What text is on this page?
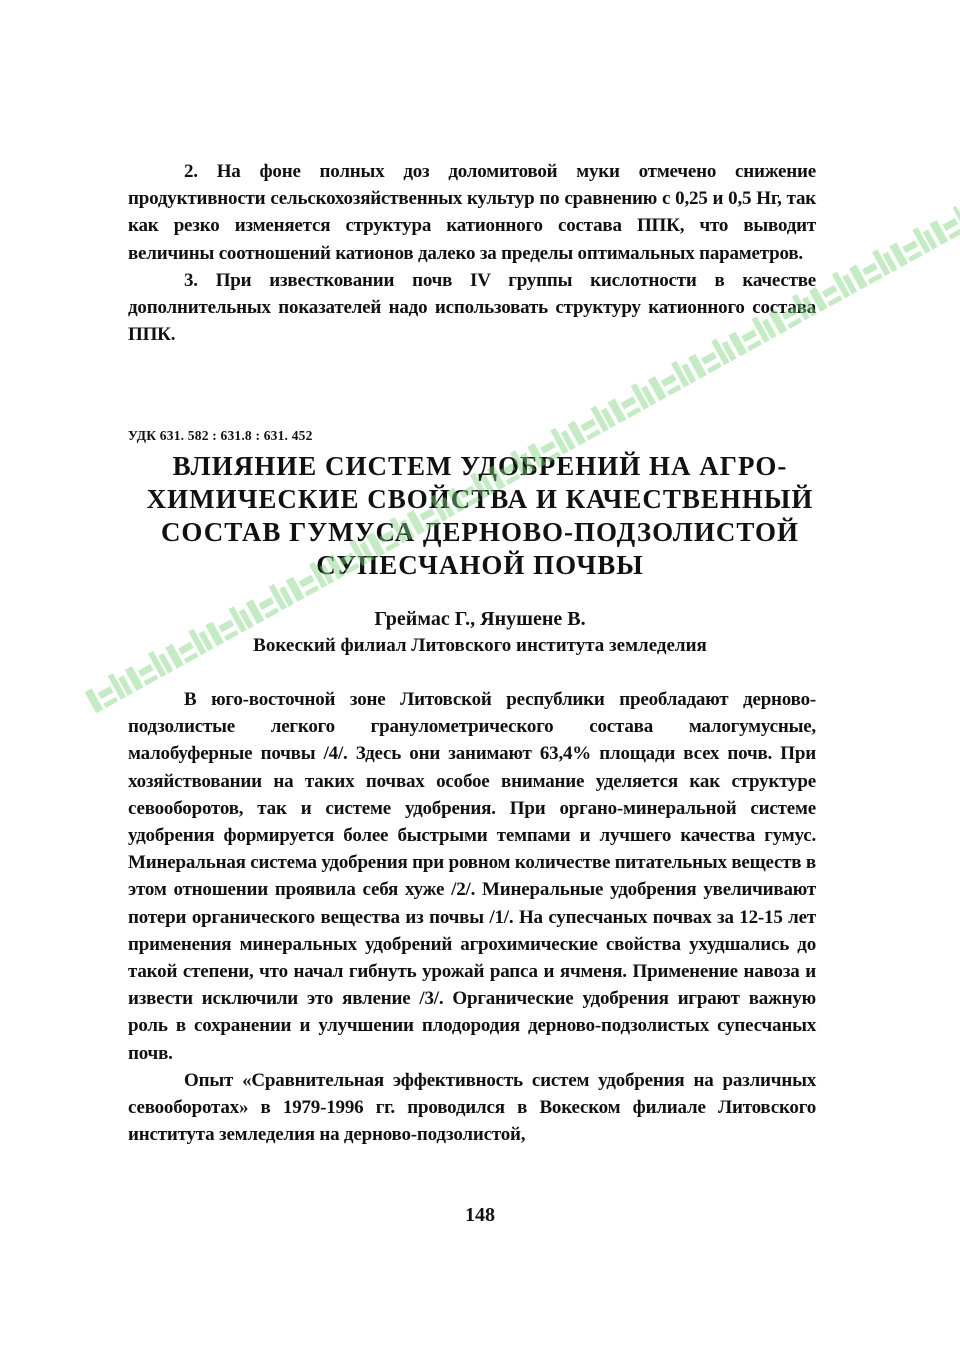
2. На фоне полных доз доломитовой муки отмечено снижение продуктивности сельскохозяйственных культур по сравнению с 0,25 и 0,5 Нг, так как резко изменяется структура катионного состава ППК, что выводит величины соотношений катионов далеко за пределы оптимальных параметров.

3. При известковании почв IV группы кислотности в качестве дополнительных показателей надо использовать структуру катионного состава ППК.

УДК 631. 582 : 631.8 : 631. 452
ВЛИЯНИЕ СИСТЕМ УДОБРЕНИЙ НА АГРО-
ХИМИЧЕСКИЕ СВОЙСТВА И КАЧЕСТВЕННЫЙ
СОСТАВ ГУМУСА ДЕРНОВО-ПОДЗОЛИСТОЙ
СУПЕСЧАНОЙ ПОЧВЫ
Греймас Г., Янушене В.
Вокеский филиал Литовского института земледелия

В юго-восточной зоне Литовской республики преобладают дерново-подзолистые легкого гранулометрического состава малогумусные, малобуферные почвы /4/. Здесь они занимают 63,4% площади всех почв. При хозяйствовании на таких почвах особое внимание уделяется как структуре севооборотов, так и системе удобрения. При органо-минеральной системе удобрения формируется более быстрыми темпами и лучшего качества гумус. Минеральная система удобрения при ровном количестве питательных веществ в этом отношении проявила себя хуже /2/. Минеральные удобрения увеличивают потери органического вещества из почвы /1/. На супесчаных почвах за 12-15 лет применения минеральных удобрений агрохимические свойства ухудшались до такой степени, что начал гибнуть урожай рапса и ячменя. Применение навоза и извести исключили это явление /3/. Органические удобрения играют важную роль в сохранении и улучшении плодородия дерново-подзолистых супесчаных почв.

Опыт «Сравнительная эффективность систем удобрения на различных севооборотах» в 1979-1996 гг. проводился в Вокеском филиале Литовского института земледелия на дерново-подзолистой,

148
